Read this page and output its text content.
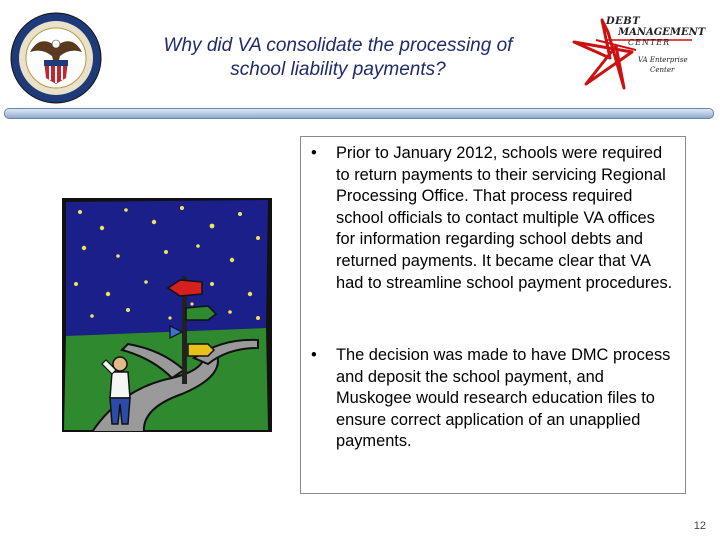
Why did VA consolidate the processing of
school liability payments?
DEBT
MANAGEMENT
CENTER
VA Enterprise
Center
• Prior to January 2012, schools were required to return payments to their servicing Regional Processing Office. That process required school officials to contact multiple VA offices for information regarding school debts and returned payments. It became clear that VA had to streamline school payment procedures.
• The decision was made to have DMC process and deposit the school payment, and Muskogee would research education files to ensure correct application of an unapplied payments.
12
